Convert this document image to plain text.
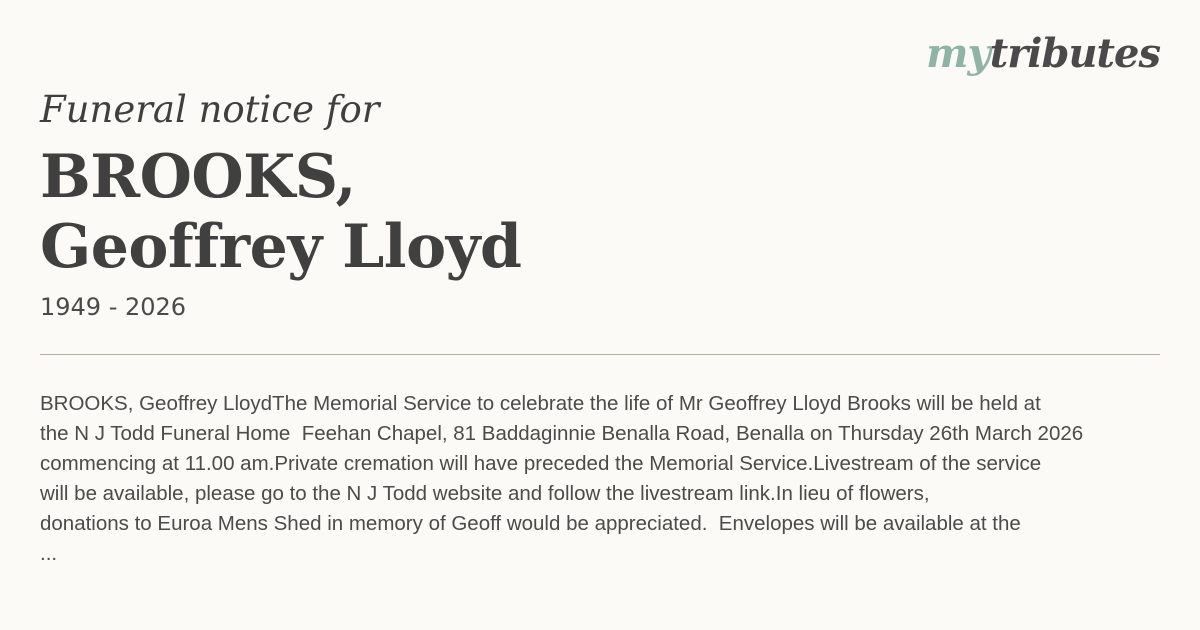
mytributes
Funeral notice for
BROOKS,
Geoffrey Lloyd
1949 - 2026
BROOKS, Geoffrey LloydThe Memorial Service to celebrate the life of Mr Geoffrey Lloyd Brooks will be held at
the N J Todd Funeral Home  Feehan Chapel, 81 Baddaginnie Benalla Road, Benalla on Thursday 26th March 2026
commencing at 11.00 am.Private cremation will have preceded the Memorial Service.Livestream of the service
will be available, please go to the N J Todd website and follow the livestream link.In lieu of flowers,
donations to Euroa Mens Shed in memory of Geoff would be appreciated.  Envelopes will be available at the
...
